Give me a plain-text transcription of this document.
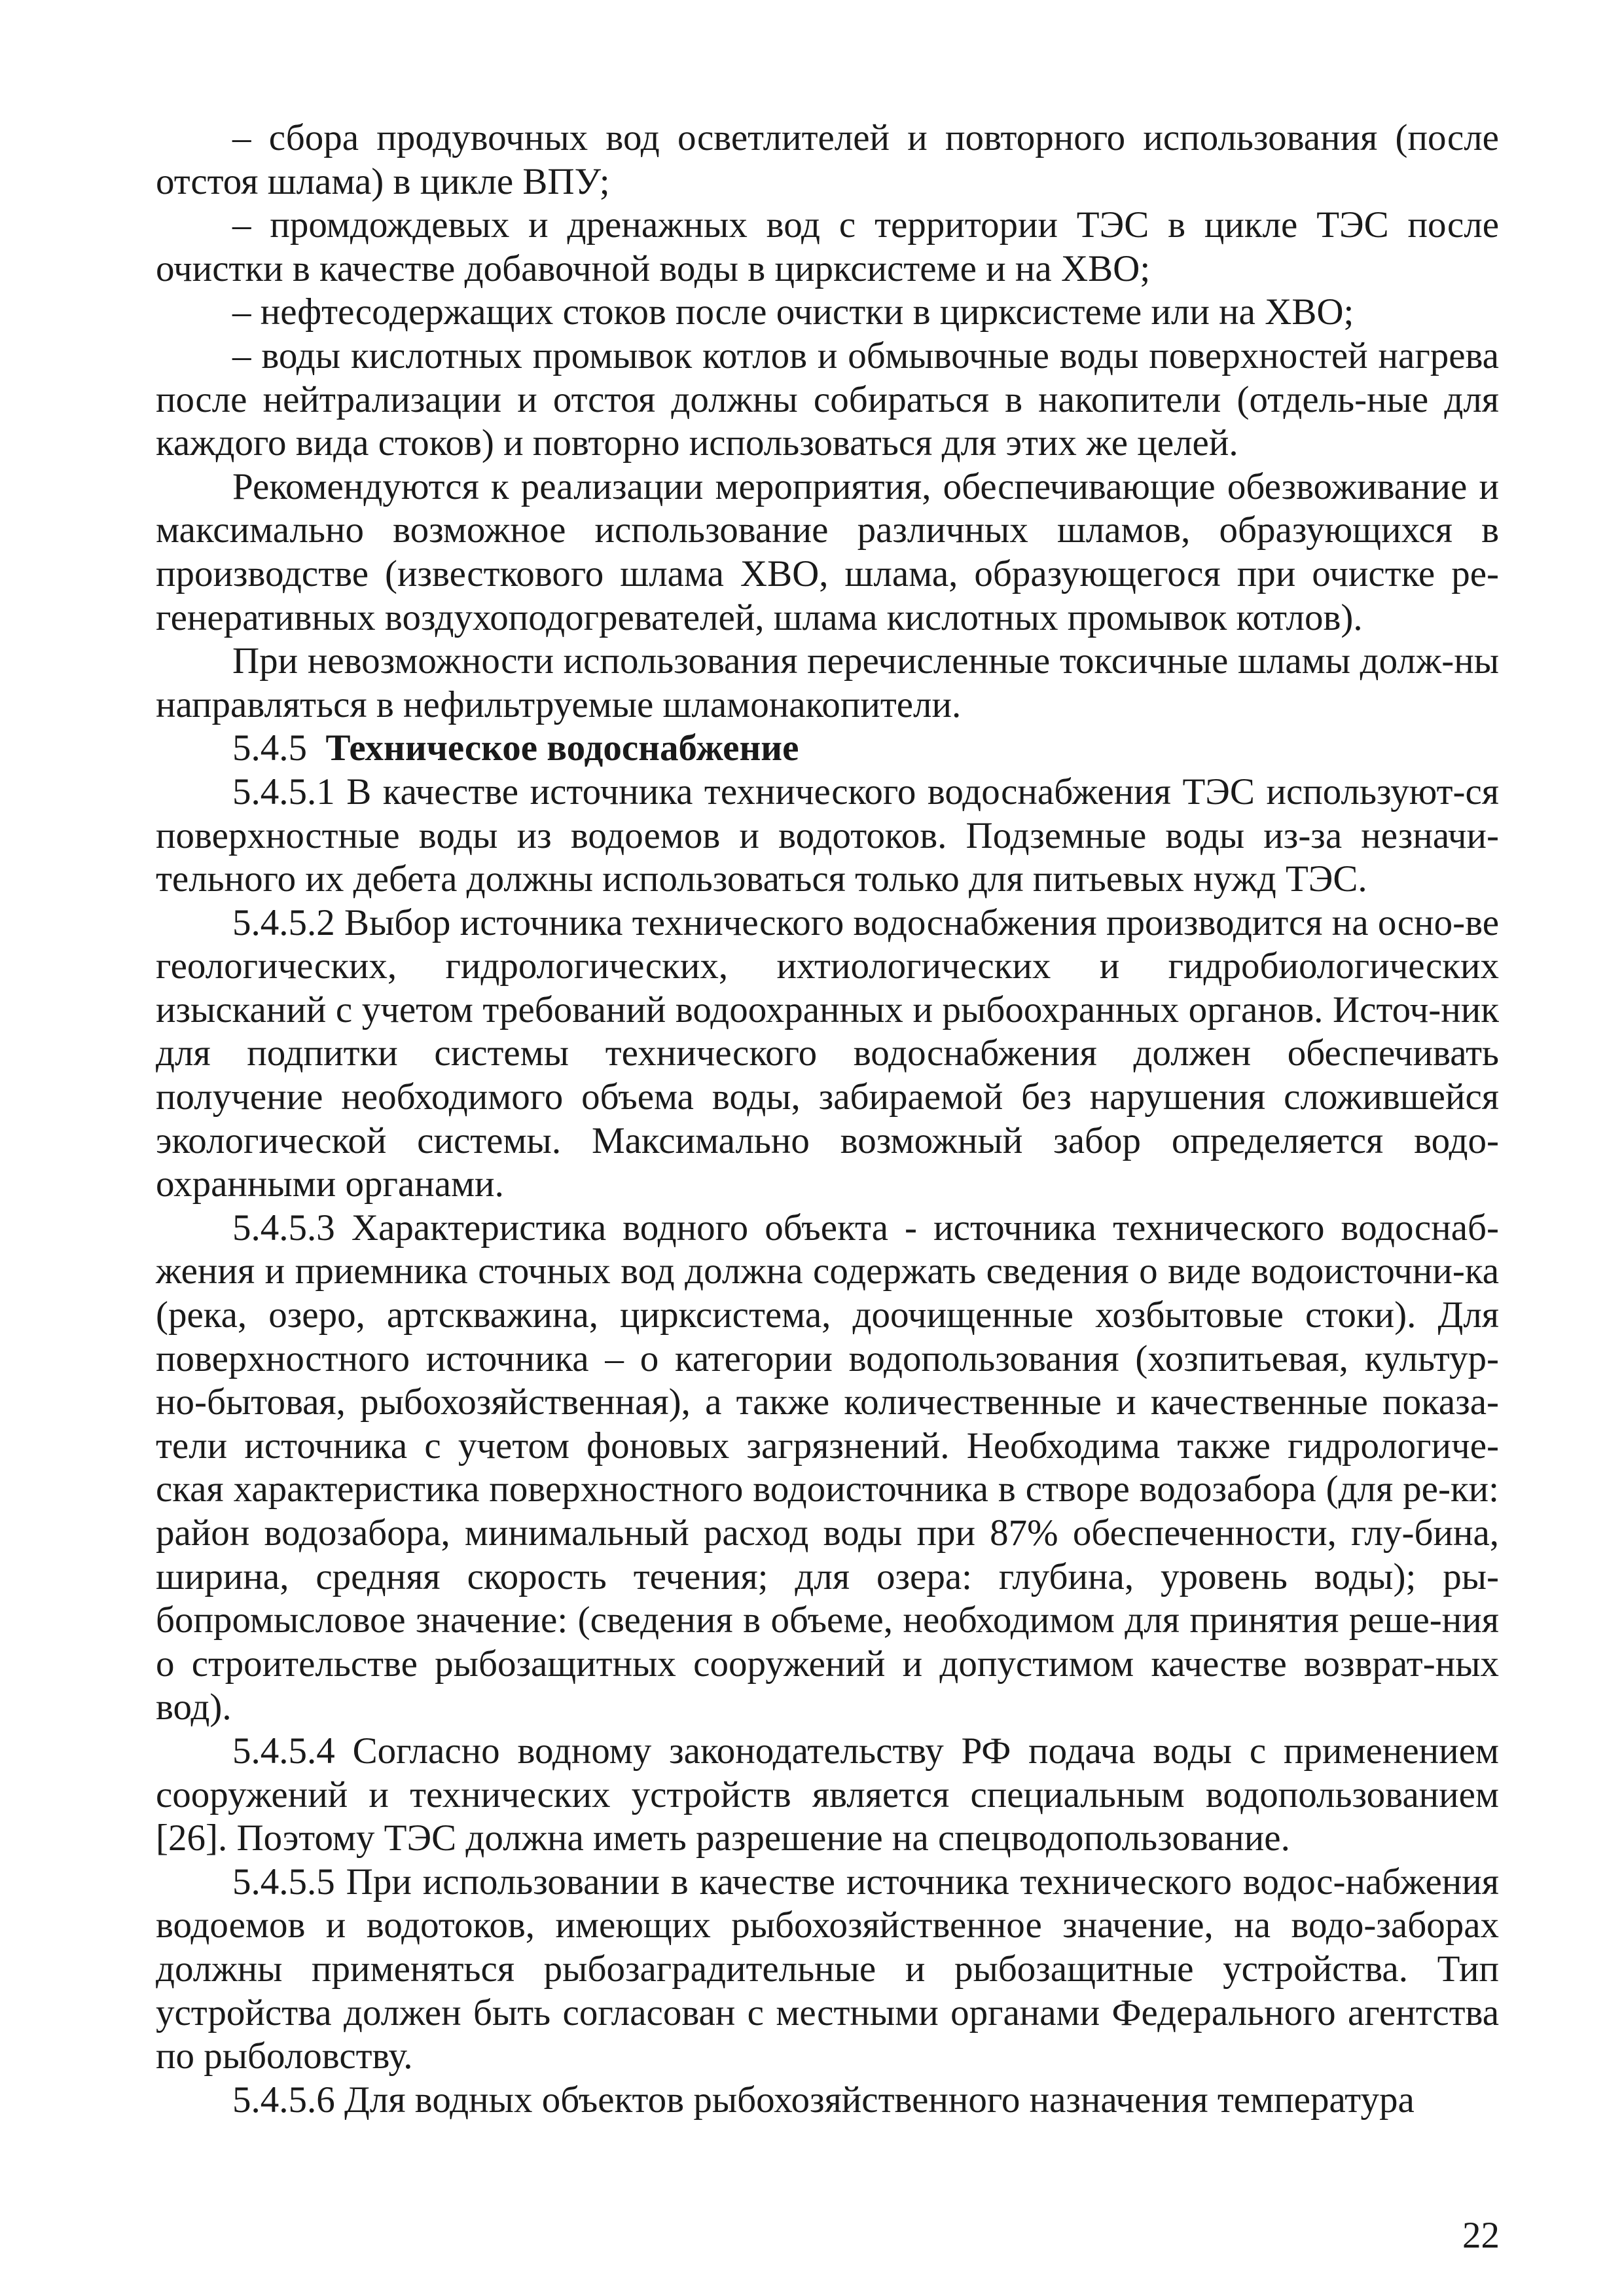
– сбора продувочных вод осветлителей и повторного использования (после отстоя шлама) в цикле ВПУ;

– промдождевых и дренажных вод с территории ТЭС в цикле ТЭС после очистки в качестве добавочной воды в цирксистеме и на ХВО;

– нефтесодержащих стоков после очистки в цирксистеме или на ХВО;

– воды кислотных промывок котлов и обмывочные воды поверхностей нагрева после нейтрализации и отстоя должны собираться в накопители (отдель-ные для каждого вида стоков) и повторно использоваться для этих же целей.

Рекомендуются к реализации мероприятия, обеспечивающие обезвоживание и максимально возможное использование различных шламов, образующихся в производстве (известкового шлама ХВО, шлама, образующегося при очистке ре-генеративных воздухоподогревателей, шлама кислотных промывок котлов).

При невозможности использования перечисленные токсичные шламы долж-ны направляться в нефильтруемые шламонакопители.

5.4.5 Техническое водоснабжение

5.4.5.1 В качестве источника технического водоснабжения ТЭС используют-ся поверхностные воды из водоемов и водотоков. Подземные воды из-за незначи-тельного их дебета должны использоваться только для питьевых нужд ТЭС.

5.4.5.2 Выбор источника технического водоснабжения производится на осно-ве геологических, гидрологических, ихтиологических и гидробиологических изысканий с учетом требований водоохранных и рыбоохранных органов. Источ-ник для подпитки системы технического водоснабжения должен обеспечивать получение необходимого объема воды, забираемой без нарушения сложившейся экологической системы. Максимально возможный забор определяется водо-охранными органами.

5.4.5.3 Характеристика водного объекта - источника технического водоснаб-жения и приемника сточных вод должна содержать сведения о виде водоисточни-ка (река, озеро, артскважина, цирксистема, доочищенные хозбытовые стоки). Для поверхностного источника – о категории водопользования (хозпитьевая, культур-но-бытовая, рыбохозяйственная), а также количественные и качественные показа-тели источника с учетом фоновых загрязнений. Необходима также гидрологиче-ская характеристика поверхностного водоисточника в створе водозабора (для ре-ки: район водозабора, минимальный расход воды при 87% обеспеченности, глу-бина, ширина, средняя скорость течения; для озера: глубина, уровень воды); ры-бопромысловое значение: (сведения в объеме, необходимом для принятия реше-ния о строительстве рыбозащитных сооружений и допустимом качестве возврат-ных вод).

5.4.5.4 Согласно водному законодательству РФ подача воды с применением сооружений и технических устройств является специальным водопользованием [26]. Поэтому ТЭС должна иметь разрешение на спецводопользование.

5.4.5.5 При использовании в качестве источника технического водос-набжения водоемов и водотоков, имеющих рыбохозяйственное значение, на водо-заборах должны применяться рыбозаградительные и рыбозащитные устройства. Тип устройства должен быть согласован с местными органами Федерального агентства по рыболовству.

5.4.5.6 Для водных объектов рыбохозяйственного назначения температура

22
